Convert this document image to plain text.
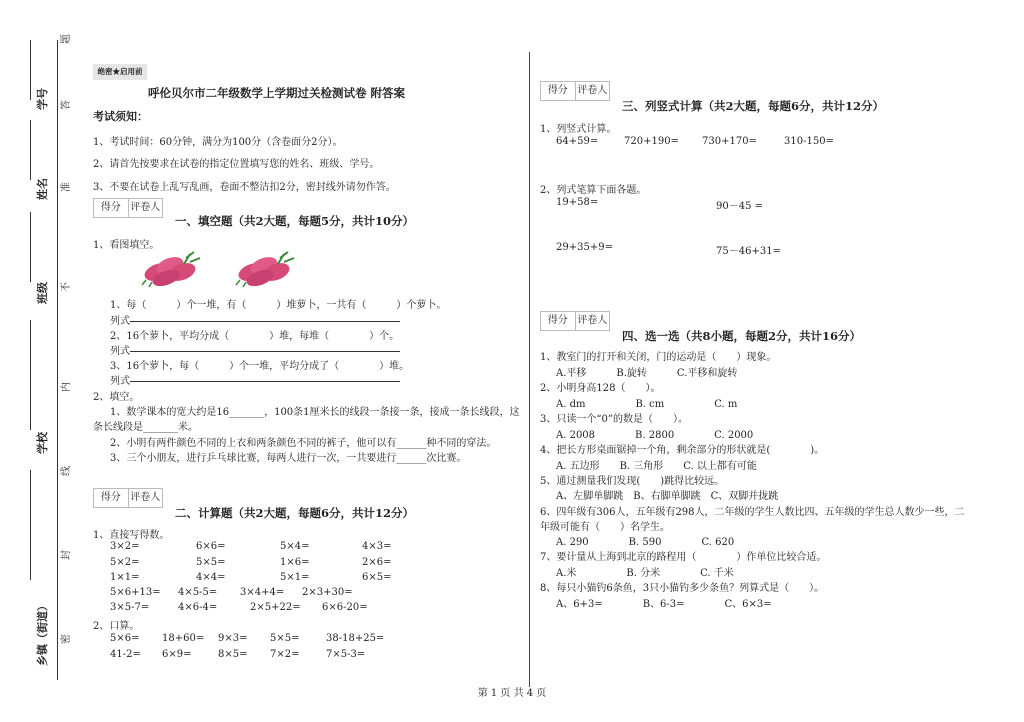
学号
姓名
班级
学校
乡镇（街道）
题
答
准
不
内
线
封
密
绝密★启用前
呼伦贝尔市二年级数学上学期过关检测试卷 附答案
考试须知：
1、考试时间：60分钟，满分为100分（含卷面分2分）。
2、请首先按要求在试卷的指定位置填写您的姓名、班级、学号。
3、不要在试卷上乱写乱画，卷面不整洁扣2分，密封线外请勿作答。
得分 评卷人
一、填空题（共2大题，每题5分，共计10分）
1、看图填空。
1、每（　　　）个一堆，有（　　　）堆萝卜，一共有（　　　）个萝卜。
列式
2、16个萝卜，平均分成（　　　　）堆，每堆（　　　　）个。
列式
3、16个萝卜，每（　　　）个一堆，平均分成了（　　　　）堆。
列式
2、填空。
1、数学课本的宽大约是16_______，100条1厘米长的线段一条接一条，接成一条长线段，这
条长线段是_______米。
2、小明有两件颜色不同的上衣和两条颜色不同的裤子，他可以有______种不同的穿法。
3、三个小朋友，进行乒乓球比赛，每两人进行一次，一共要进行______次比赛。
得分 评卷人
二、计算题（共2大题，每题6分，共计12分）
1、直接写得数。
3×2=	6×6=	5×4=	4×3=
5×2=	5×5=	1×6=	2×6=
1×1=	4×4=	5×1=	6×5=
5×6+13= 4×5-5= 3×4+4= 2×3+30=
3×5-7=	4×6-4=	2×5+22= 6×6-20=
2、口算。
5×6= 18+60= 9×3= 5×5=	38-18+25=
41-2= 6×9=	8×5= 7×2=	7×5-3=
得分 评卷人
三、列竖式计算（共2大题，每题6分，共计12分）
1、列竖式计算。
64+59=	720+190= 730+170=	310-150=
2、列式笔算下面各题。
19+58=	90－45 =
29+35+9=	75－46+31=
得分 评卷人
四、选一选（共8小题，每题2分，共计16分）
1、教室门的打开和关闭，门的运动是（　　）现象。
A.平移　　　B.旋转　　　C.平移和旋转
2、小明身高128（　　）。
A. dm　　　　　B. cm　　　　　C. m
3、只读一个“0”的数是（　　）。
A. 2008　　　　B. 2800　　　　C. 2000
4、把长方形桌面锯掉一个角，剩余部分的形状就是(　　　　)。
A. 五边形　　B. 三角形　　C. 以上都有可能
5、通过测量我们发现(　　)跳得比较远。
A、左脚单脚跳　B、右脚单脚跳　C、双脚并拢跳
6、四年级有306人，五年级有298人，二年级的学生人数比四、五年级的学生总人数少一些，二
年级可能有（　　）名学生。
A. 290　　　　B. 590　　　　C. 620
7、要计量从上海到北京的路程用（　　　　）作单位比较合适。
A.米　　　　　B. 分米　　　　C. 千米
8、每只小猫钓6条鱼，3只小猫钓多少条鱼？列算式是（　　）。
A、6+3=　　　　B、6-3=　　　　C、6×3=
第 1 页 共 4 页
